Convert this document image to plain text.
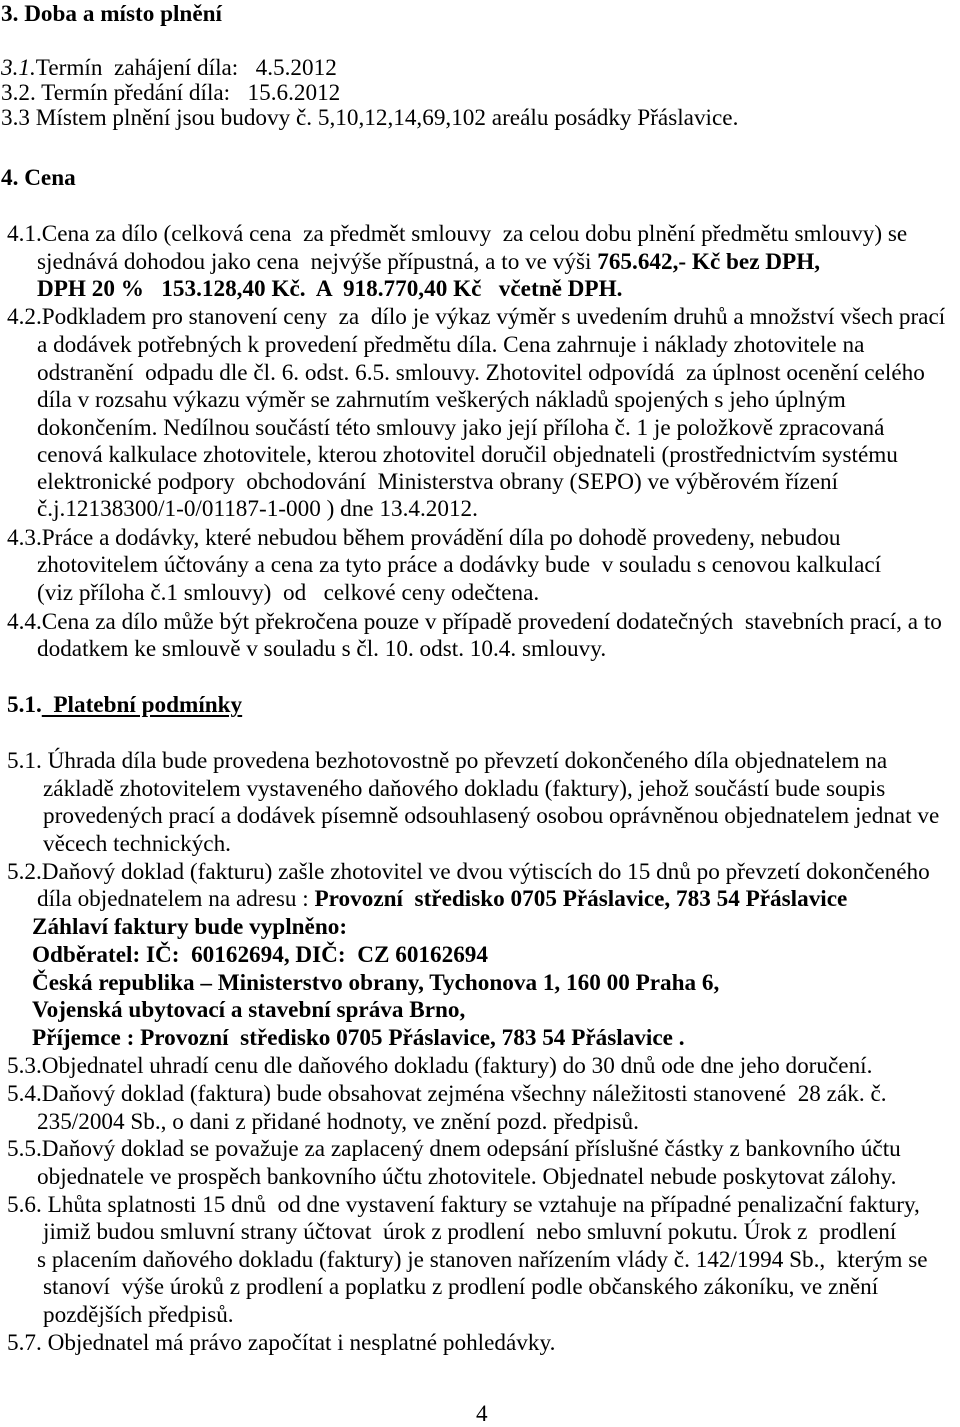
3. Doba a místo plnění
3.1.Termín  zahájení díla:   4.5.2012
3.2. Termín předání díla:   15.6.2012
3.3 Místem plnění jsou budovy č. 5,10,12,14,69,102 areálu posádky Přáslavice.
4. Cena
4.1.Cena za dílo (celková cena  za předmět smlouvy  za celou dobu plnění předmětu smlouvy) se
sjednává dohodou jako cena  nejvýše přípustná, a to ve výši 765.642,- Kč bez DPH,
DPH 20 %   153.128,40 Kč.  A  918.770,40 Kč   včetně DPH.
4.2.Podkladem pro stanovení ceny  za  dílo je výkaz výměr s uvedením druhů a množství všech prací
a dodávek potřebných k provedení předmětu díla. Cena zahrnuje i náklady zhotovitele na
odstranění  odpadu dle čl. 6. odst. 6.5. smlouvy. Zhotovitel odpovídá  za úplnost ocenění celého
díla v rozsahu výkazu výměr se zahrnutím veškerých nákladů spojených s jeho úplným
dokončením. Nedílnou součástí této smlouvy jako její příloha č. 1 je položkově zpracovaná
cenová kalkulace zhotovitele, kterou zhotovitel doručil objednateli (prostřednictvím systému
elektronické podpory  obchodování  Ministerstva obrany (SEPO) ve výběrovém řízení
č.j.12138300/1-0/01187-1-000 ) dne 13.4.2012.
4.3.Práce a dodávky, které nebudou během provádění díla po dohodě provedeny, nebudou
zhotovitelem účtovány a cena za tyto práce a dodávky bude  v souladu s cenovou kalkulací
(viz příloha č.1 smlouvy)  od   celkové ceny odečtena.
4.4.Cena za dílo může být překročena pouze v případě provedení dodatečných  stavebních prací, a to
dodatkem ke smlouvě v souladu s čl. 10. odst. 10.4. smlouvy.
5.1.  Platební podmínky
5.1. Úhrada díla bude provedena bezhotovostně po převzetí dokončeného díla objednatelem na
základě zhotovitelem vystaveného daňového dokladu (faktury), jehož součástí bude soupis
provedených prací a dodávek písemně odsouhlasený osobou oprávněnou objednatelem jednat ve
věcech technických.
5.2.Daňový doklad (fakturu) zašle zhotovitel ve dvou výtiscích do 15 dnů po převzetí dokončeného
díla objednatelem na adresu : Provozní  středisko 0705 Přáslavice, 783 54 Přáslavice
Záhlaví faktury bude vyplněno:
Odběratel: IČ:  60162694, DIČ:  CZ 60162694
Česká republika – Ministerstvo obrany, Tychonova 1, 160 00 Praha 6,
Vojenská ubytovací a stavební správa Brno,
Příjemce : Provozní  středisko 0705 Přáslavice, 783 54 Přáslavice .
5.3.Objednatel uhradí cenu dle daňového dokladu (faktury) do 30 dnů ode dne jeho doručení.
5.4.Daňový doklad (faktura) bude obsahovat zejména všechny náležitosti stanovené  28 zák. č.
235/2004 Sb., o dani z přidané hodnoty, ve znění pozd. předpisů.
5.5.Daňový doklad se považuje za zaplacený dnem odepsání příslušné částky z bankovního účtu
objednatele ve prospěch bankovního účtu zhotovitele. Objednatel nebude poskytovat zálohy.
5.6. Lhůta splatnosti 15 dnů  od dne vystavení faktury se vztahuje na případné penalizační faktury,
jimiž budou smluvní strany účtovat  úrok z prodlení  nebo smluvní pokutu. Úrok z  prodlení
s placením daňového dokladu (faktury) je stanoven nařízením vlády č. 142/1994 Sb.,  kterým se
stanoví  výše úroků z prodlení a poplatku z prodlení podle občanského zákoníku, ve znění
pozdějších předpisů.
5.7. Objednatel má právo započítat i nesplatné pohledávky.
4
